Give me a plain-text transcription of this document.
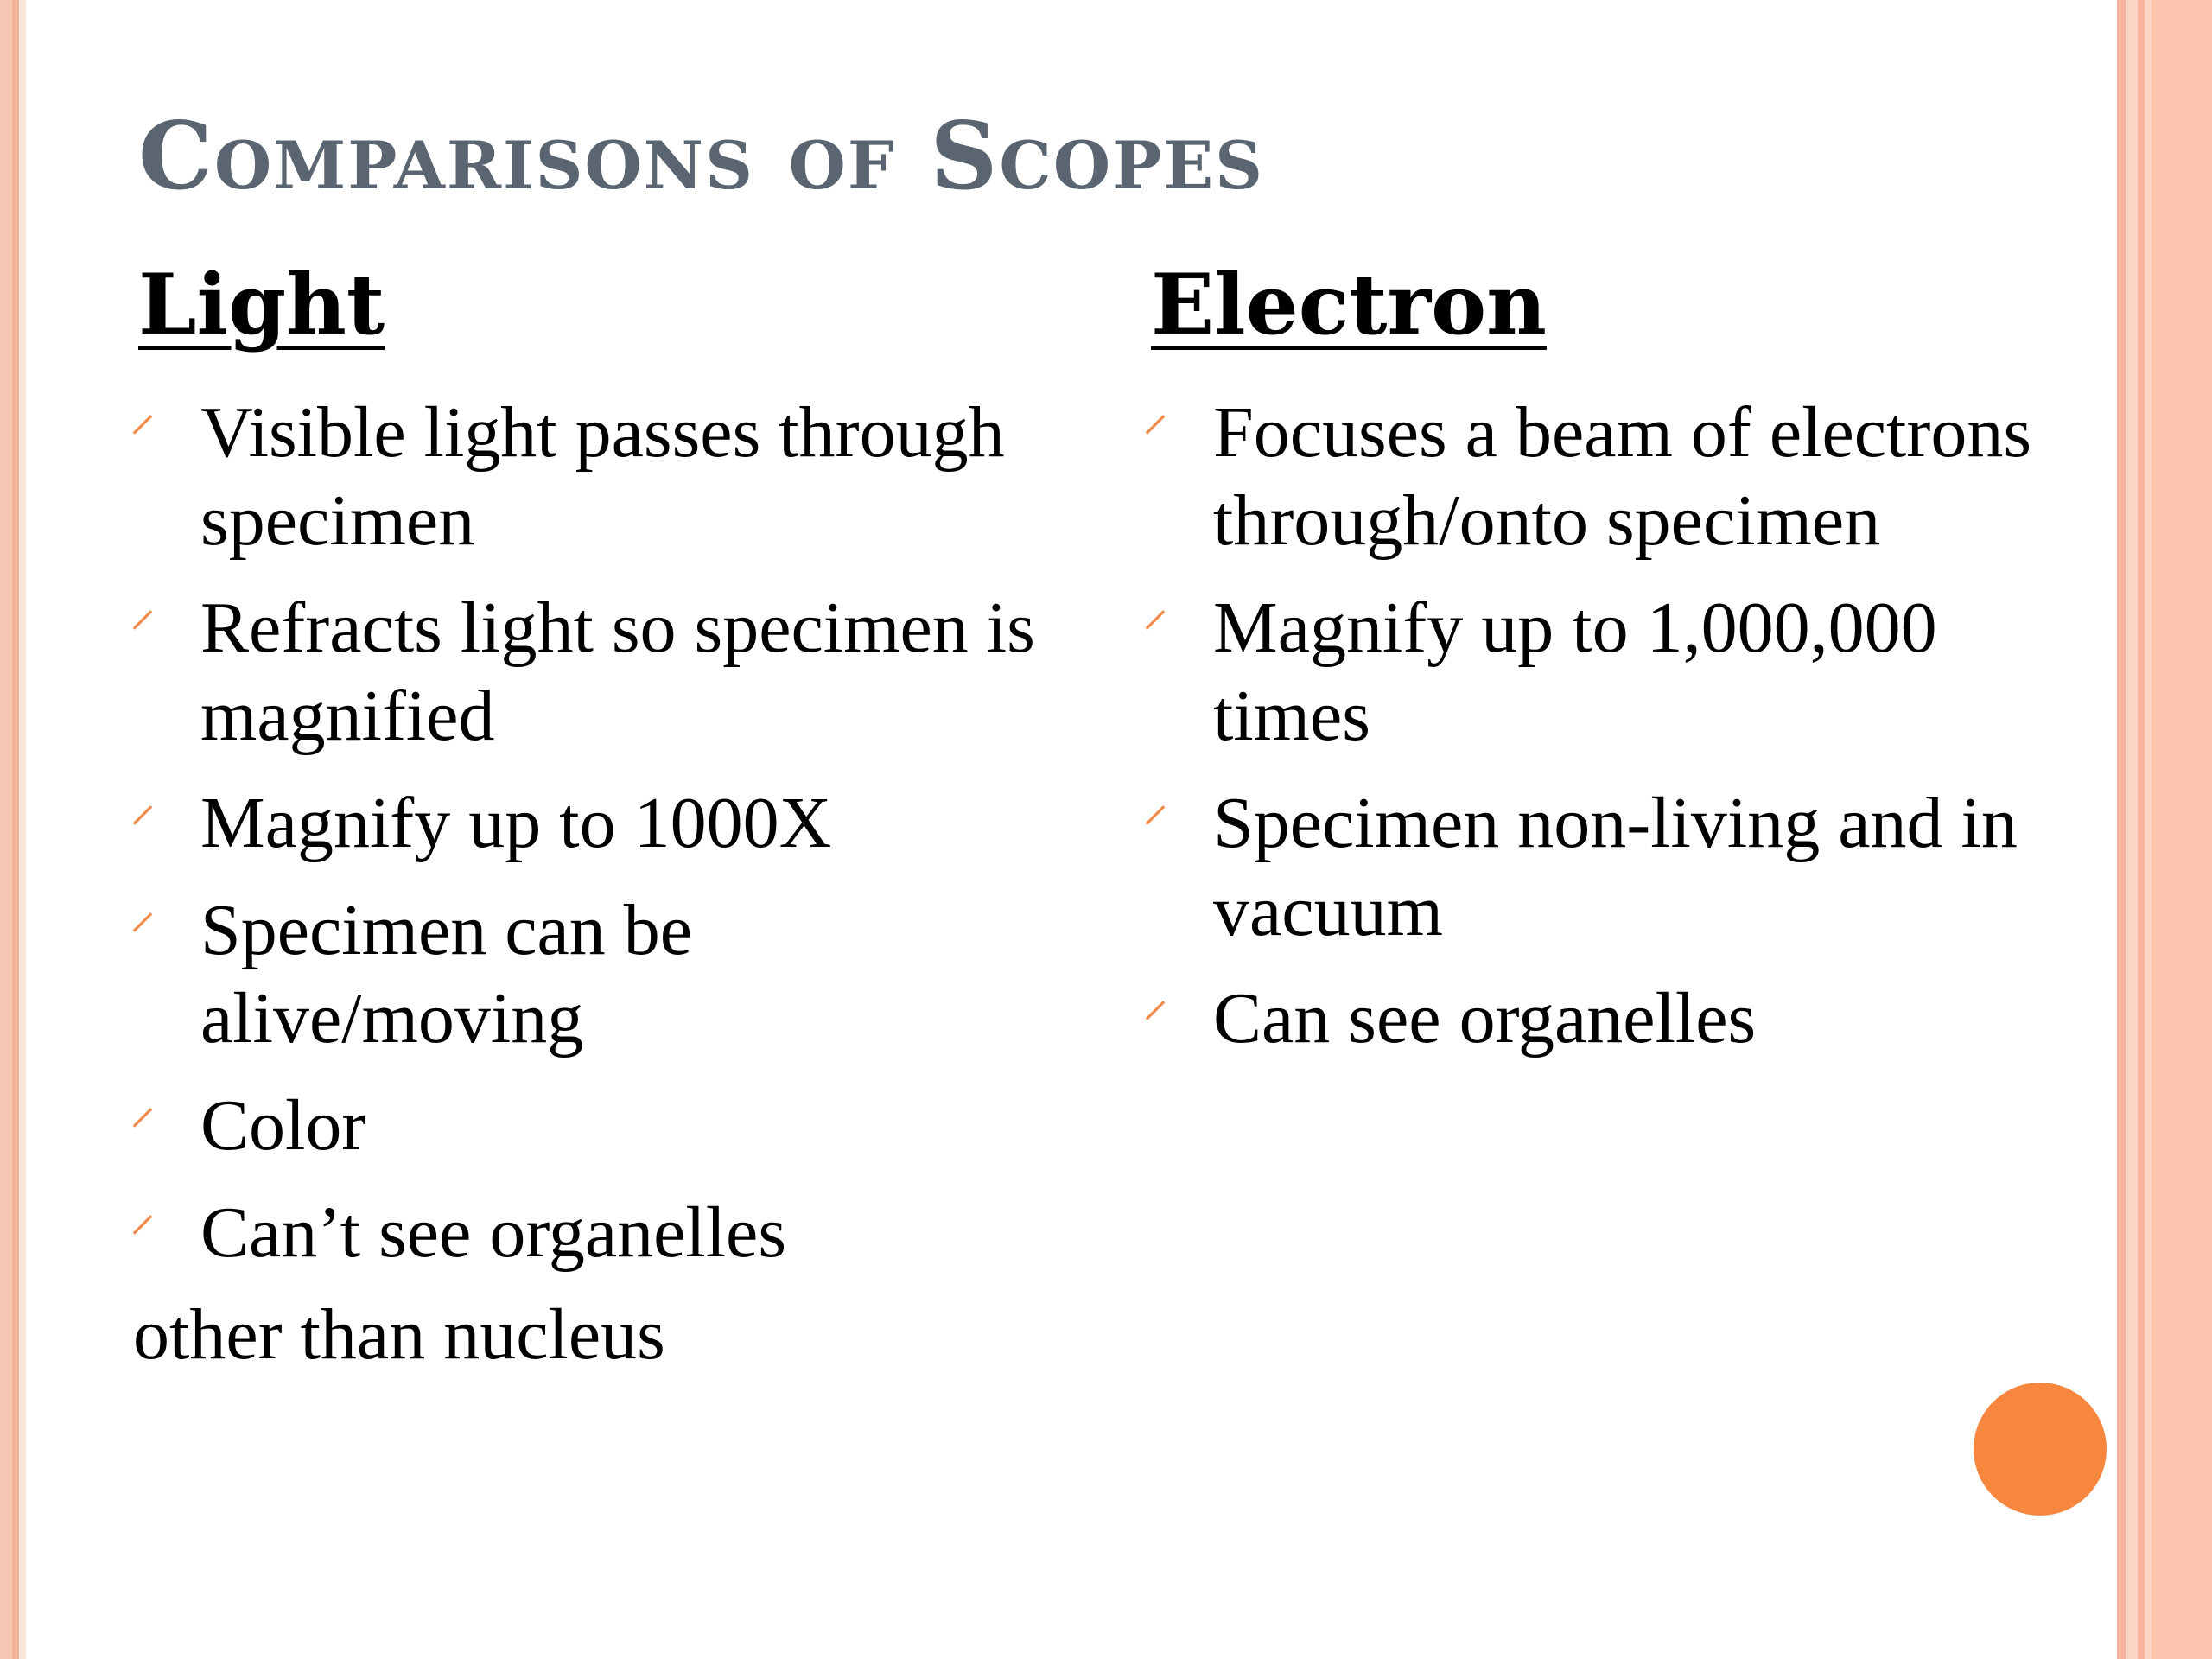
Comparisons of Scopes
Light
⸍ Visible light passes through specimen
⸍ Refracts light so specimen is magnified
⸍ Magnify up to 1000X
⸍ Specimen can be alive/moving
⸍ Color
⸍ Can’t see organelles
other than nucleus
Electron
⸍ Focuses a beam of electrons through/onto specimen
⸍ Magnify up to 1,000,000 times
⸍ Specimen non-living and in vacuum
⸍ Can see organelles
